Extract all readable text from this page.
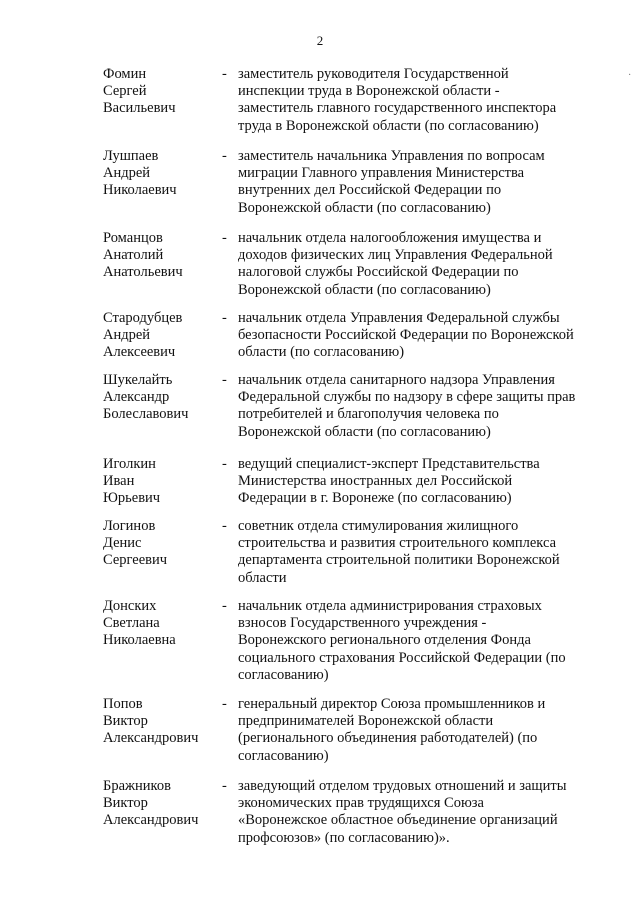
2
·
Фомин
Сергей
Васильевич
- заместитель руководителя Государственной
инспекции труда в Воронежской области -
заместитель главного государственного инспектора
труда в Воронежской области (по согласованию)
Лушпаев
Андрей
Николаевич
- заместитель начальника Управления по вопросам
миграции Главного управления Министерства
внутренних дел Российской Федерации по
Воронежской области (по согласованию)
Романцов
Анатолий
Анатольевич
- начальник отдела налогообложения имущества и
доходов физических лиц Управления Федеральной
налоговой службы Российской Федерации по
Воронежской области (по согласованию)
Стародубцев
Андрей
Алексеевич
- начальник отдела Управления Федеральной службы
безопасности Российской Федерации по Воронежской
области (по согласованию)
Шукелайть
Александр
Болеславович
- начальник отдела санитарного надзора Управления
Федеральной службы по надзору в сфере защиты прав
потребителей и благополучия человека по
Воронежской области (по согласованию)
Иголкин
Иван
Юрьевич
- ведущий специалист-эксперт Представительства
Министерства иностранных дел Российской
Федерации в г. Воронеже (по согласованию)
Логинов
Денис
Сергеевич
- советник отдела стимулирования жилищного
строительства и развития строительного комплекса
департамента строительной политики Воронежской
области
Донских
Светлана
Николаевна
- начальник отдела администрирования страховых
взносов Государственного учреждения -
Воронежского регионального отделения Фонда
социального страхования Российской Федерации (по
согласованию)
Попов
Виктор
Александрович
- генеральный директор Союза промышленников и
предпринимателей Воронежской области
(регионального объединения работодателей) (по
согласованию)
Бражников
Виктор
Александрович
- заведующий отделом трудовых отношений и защиты
экономических прав трудящихся Союза
«Воронежское областное объединение организаций
профсоюзов» (по согласованию)».
